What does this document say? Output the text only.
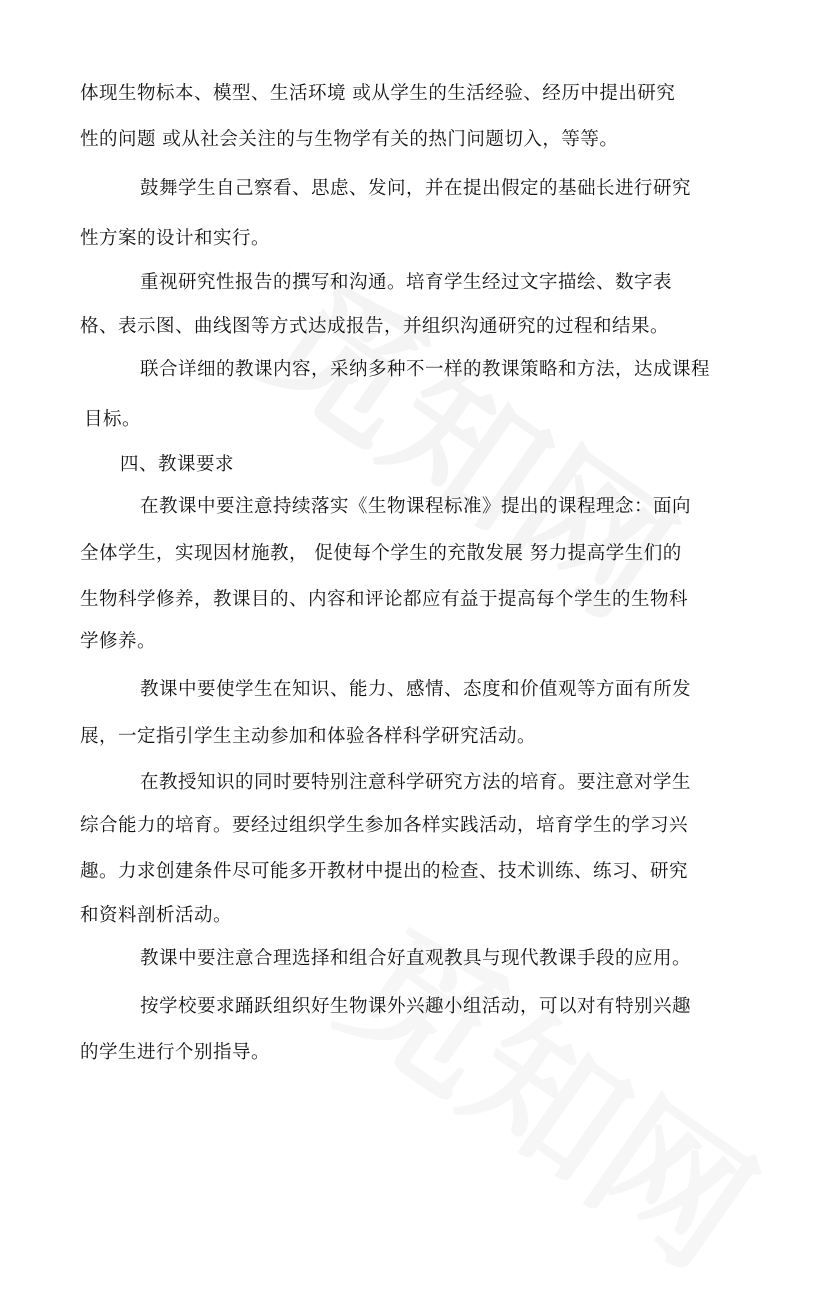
体现生物标本、模型、生活环境 或从学生的生活经验、经历中提出研究
性的问题 或从社会关注的与生物学有关的热门问题切入，等等。
鼓舞学生自己察看、思虑、发问，并在提出假定的基础长进行研究
性方案的设计和实行。
重视研究性报告的撰写和沟通。培育学生经过文字描绘、数字表
格、表示图、曲线图等方式达成报告，并组织沟通研究的过程和结果。
联合详细的教课内容，采纳多种不一样的教课策略和方法，达成课程
目标。
四、教课要求
在教课中要注意持续落实《生物课程标准》提出的课程理念：面向
全体学生，实现因材施教， 促使每个学生的充散发展 努力提高学生们的
生物科学修养，教课目的、内容和评论都应有益于提高每个学生的生物科
学修养。
教课中要使学生在知识、能力、感情、态度和价值观等方面有所发
展，一定指引学生主动参加和体验各样科学研究活动。
在教授知识的同时要特别注意科学研究方法的培育。要注意对学生
综合能力的培育。要经过组织学生参加各样实践活动，培育学生的学习兴
趣。力求创建条件尽可能多开教材中提出的检查、技术训练、练习、研究
和资料剖析活动。
教课中要注意合理选择和组合好直观教具与现代教课手段的应用。
按学校要求踊跃组织好生物课外兴趣小组活动，可以对有特别兴趣
的学生进行个别指导。
